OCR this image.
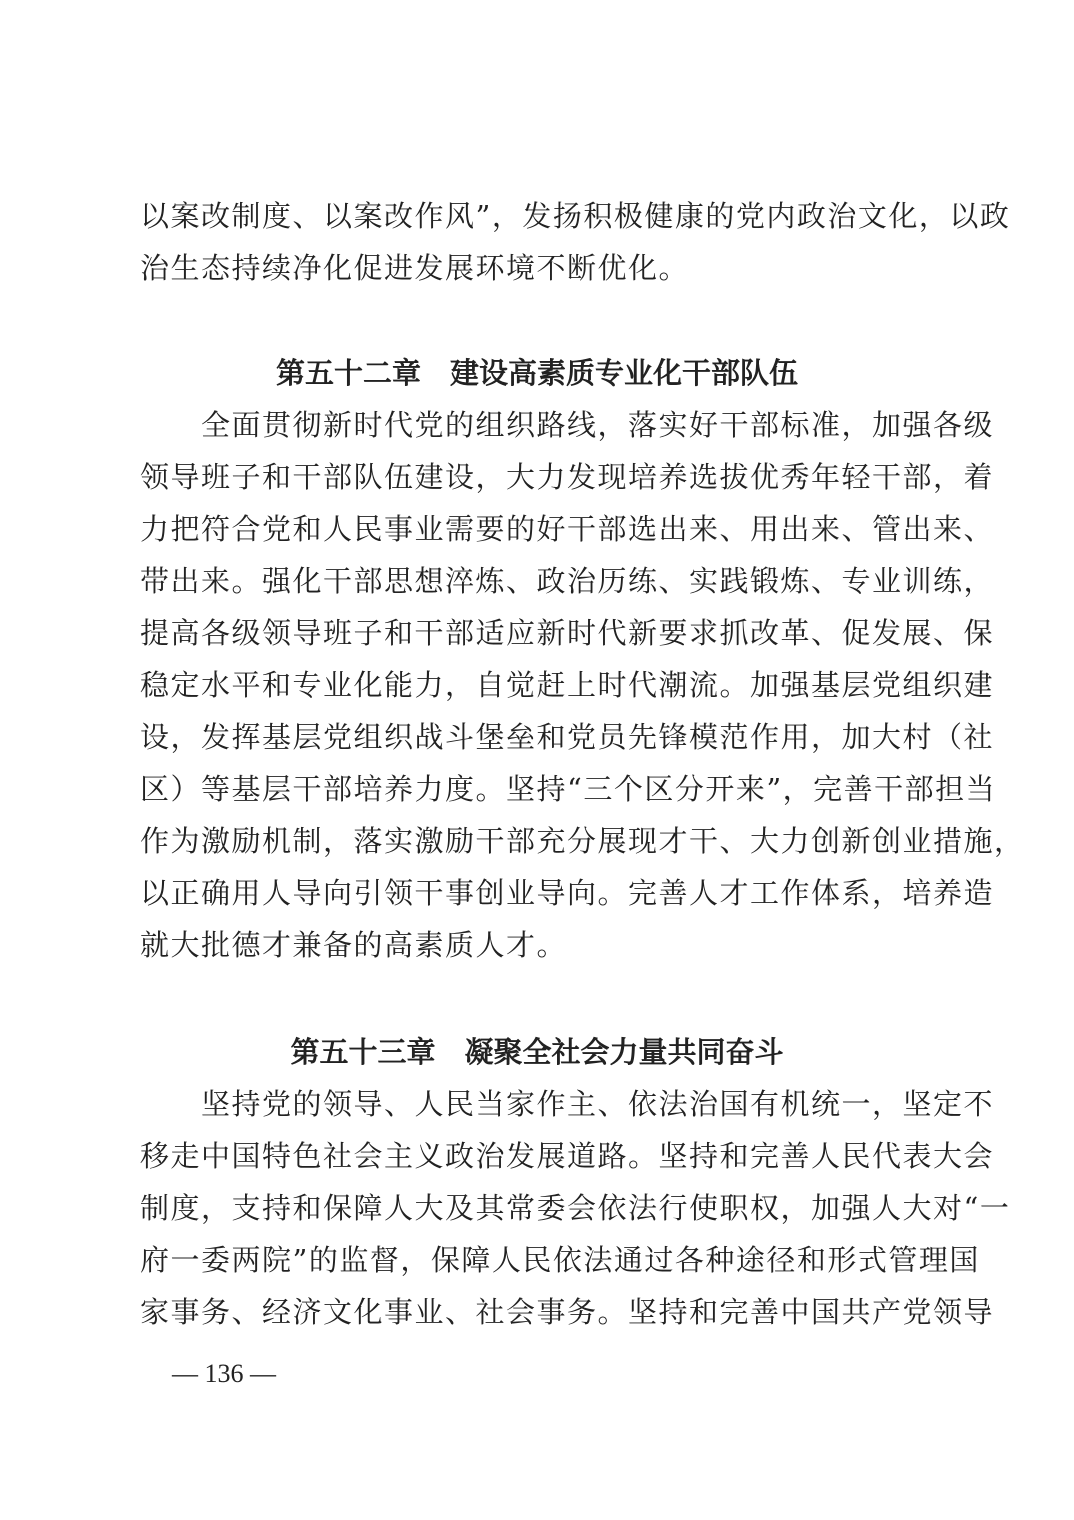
以案改制度、以案改作风”，发扬积极健康的党内政治文化，以政
治生态持续净化促进发展环境不断优化。
第五十二章　建设高素质专业化干部队伍
　　全面贯彻新时代党的组织路线，落实好干部标准，加强各级
领导班子和干部队伍建设，大力发现培养选拔优秀年轻干部，着
力把符合党和人民事业需要的好干部选出来、用出来、管出来、
带出来。强化干部思想淬炼、政治历练、实践锻炼、专业训练，
提高各级领导班子和干部适应新时代新要求抓改革、促发展、保
稳定水平和专业化能力，自觉赶上时代潮流。加强基层党组织建
设，发挥基层党组织战斗堡垒和党员先锋模范作用，加大村（社
区）等基层干部培养力度。坚持“三个区分开来”，完善干部担当
作为激励机制，落实激励干部充分展现才干、大力创新创业措施，
以正确用人导向引领干事创业导向。完善人才工作体系，培养造
就大批德才兼备的高素质人才。
第五十三章　凝聚全社会力量共同奋斗
　　坚持党的领导、人民当家作主、依法治国有机统一，坚定不
移走中国特色社会主义政治发展道路。坚持和完善人民代表大会
制度，支持和保障人大及其常委会依法行使职权，加强人大对“一
府一委两院”的监督，保障人民依法通过各种途径和形式管理国
家事务、经济文化事业、社会事务。坚持和完善中国共产党领导
— 136 —
